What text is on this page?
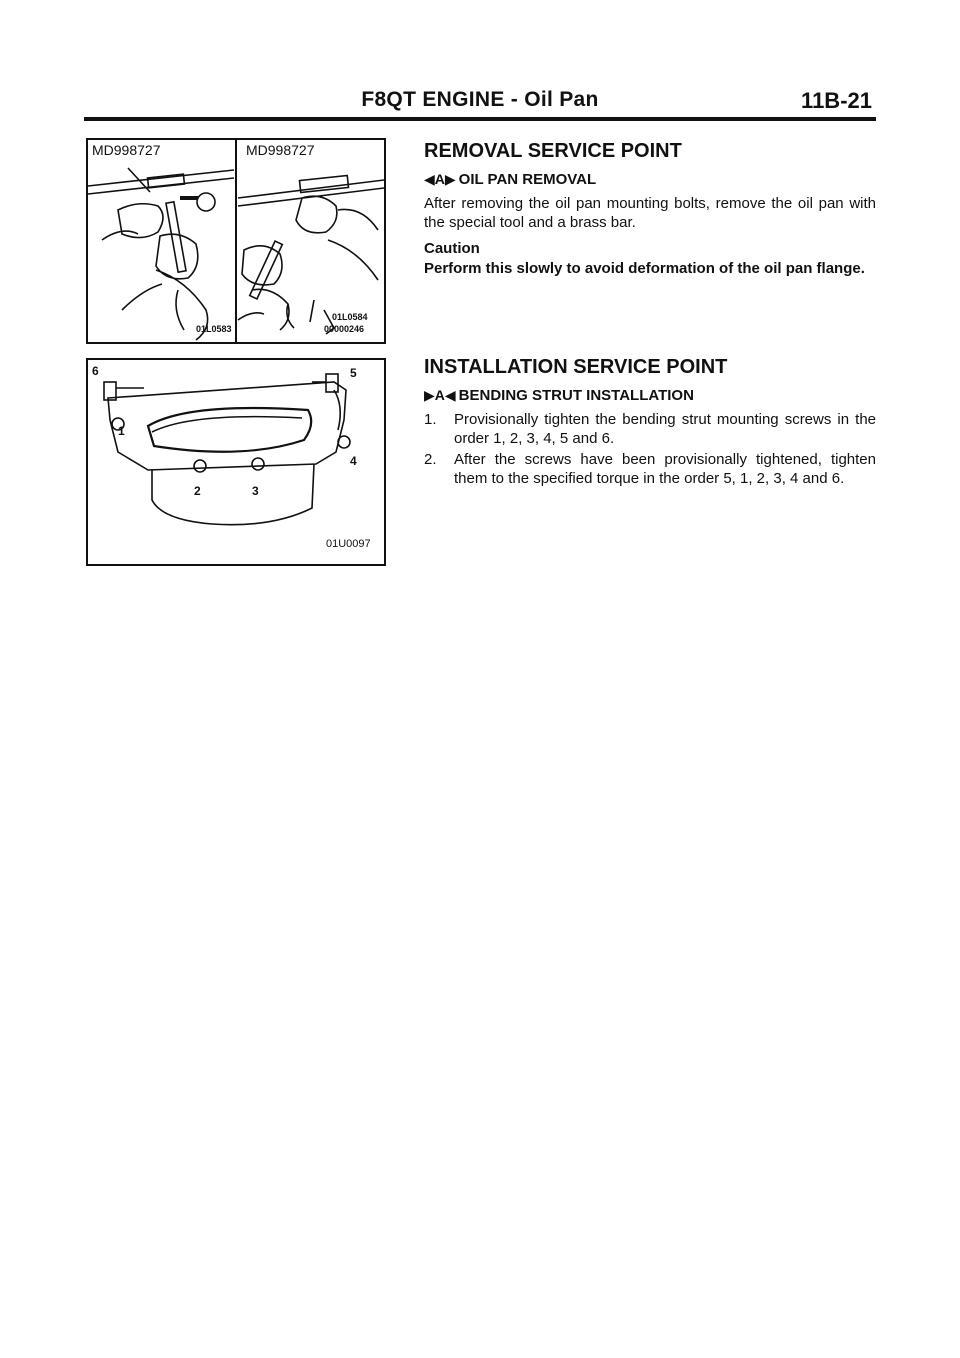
F8QT ENGINE - Oil Pan	11B-21
MD998727	MD998727
01L0583
01L0584
00000246
6	5
1
4
2	3
01U0097
REMOVAL SERVICE POINT
◀A▶ OIL PAN REMOVAL

After removing the oil pan mounting bolts, remove the oil pan with the special tool and a brass bar.

Caution
Perform this slowly to avoid deformation of the oil pan flange.
INSTALLATION SERVICE POINT
▶A◀ BENDING STRUT INSTALLATION
1. Provisionally tighten the bending strut mounting screws in the order 1, 2, 3, 4, 5 and 6.
2. After the screws have been provisionally tightened, tighten them to the specified torque in the order 5, 1, 2, 3, 4 and 6.
